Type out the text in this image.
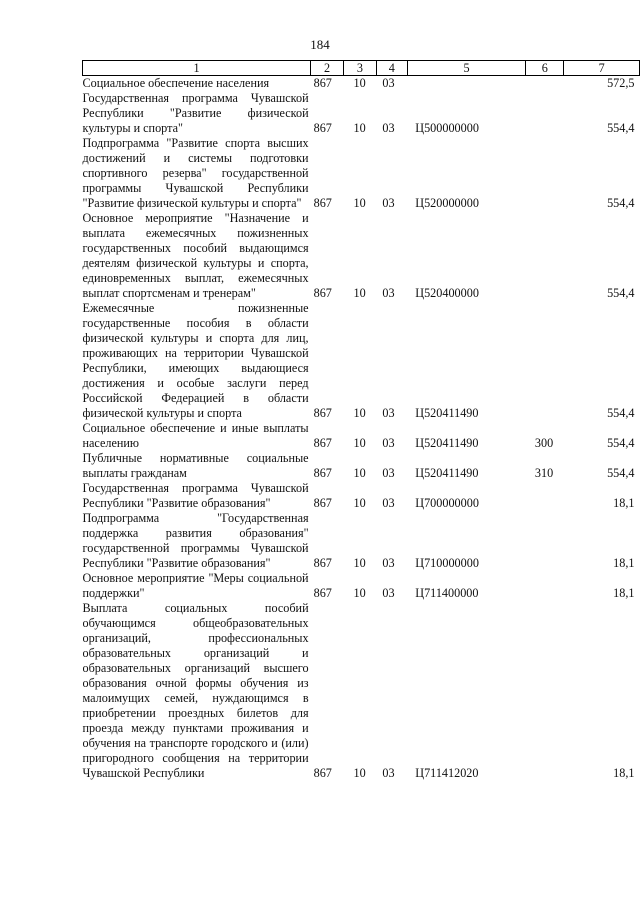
184
1	2	3	4	5	6	7
Социальное обеспечение населения	867	10	03			572,5
Государственная программа Чувашской Республики "Развитие физической культуры и спорта"	867	10	03	Ц500000000		554,4
Подпрограмма "Развитие спорта высших достижений и системы подготовки спортивного резерва" государственной программы Чувашской Республики "Развитие физической культуры и спорта"	867	10	03	Ц520000000		554,4
Основное мероприятие "Назначение и выплата ежемесячных пожизненных государственных пособий выдающимся деятелям физической культуры и спорта, единовременных выплат, ежемесячных выплат спортсменам и тренерам"	867	10	03	Ц520400000		554,4
Ежемесячные пожизненные государственные пособия в области физической культуры и спорта для лиц, проживающих на территории Чувашской Республики, имеющих выдающиеся достижения и особые заслуги перед Российской Федерацией в области физической культуры и спорта	867	10	03	Ц520411490		554,4
Социальное обеспечение и иные выплаты населению	867	10	03	Ц520411490	300	554,4
Публичные нормативные социальные выплаты гражданам	867	10	03	Ц520411490	310	554,4
Государственная программа Чувашской Республики "Развитие образования"	867	10	03	Ц700000000		18,1
Подпрограмма "Государственная поддержка развития образования" государственной программы Чувашской Республики "Развитие образования"	867	10	03	Ц710000000		18,1
Основное мероприятие "Меры социальной поддержки"	867	10	03	Ц711400000		18,1
Выплата социальных пособий обучающимся общеобразовательных организаций, профессиональных образовательных организаций и образовательных организаций высшего образования очной формы обучения из малоимущих семей, нуждающимся в приобретении проездных билетов для проезда между пунктами проживания и обучения на транспорте городского и (или) пригородного сообщения на территории Чувашской Республики	867	10	03	Ц711412020		18,1
